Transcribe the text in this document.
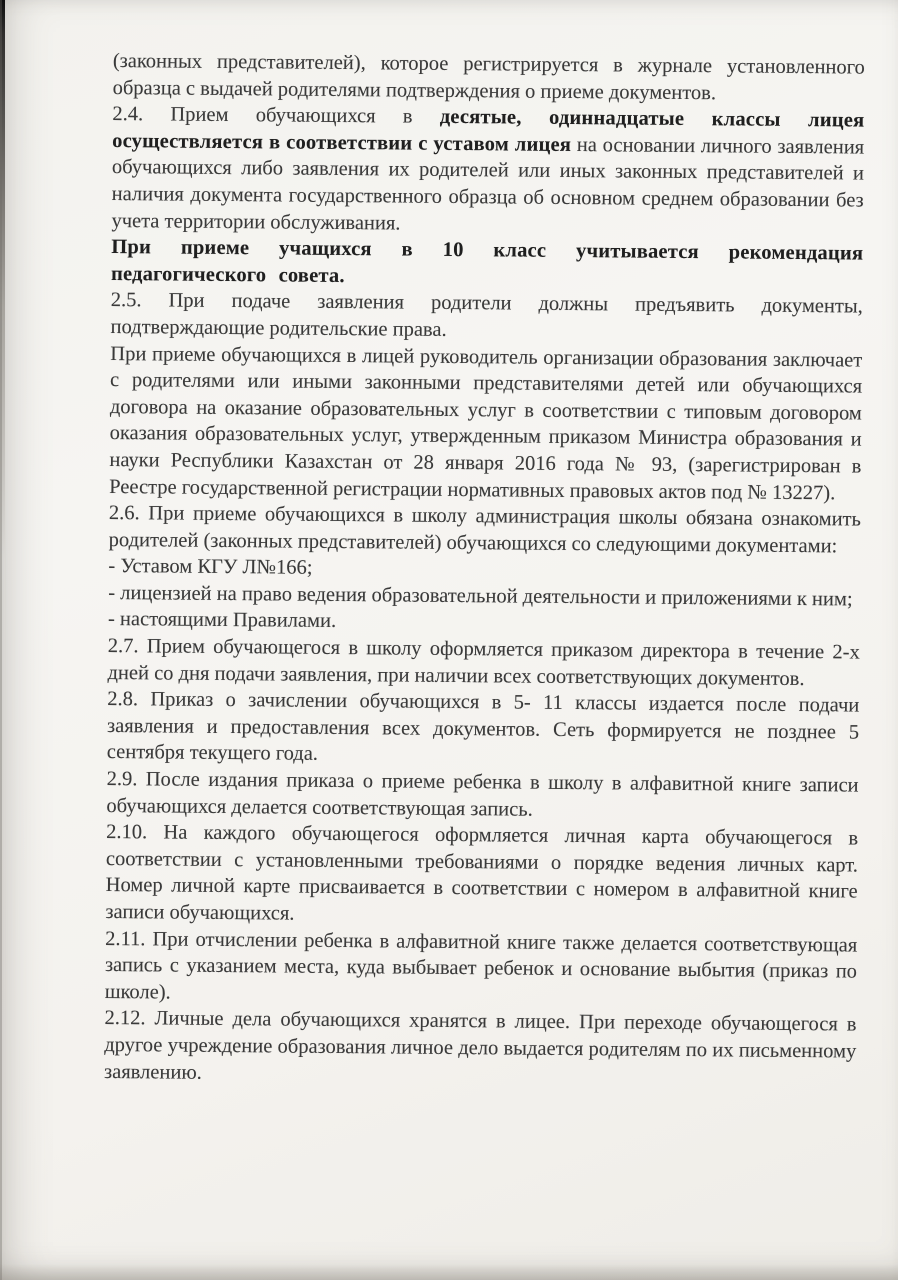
(законных представителей), которое регистрируется в журнале установленного образца с выдачей родителями подтверждения о приеме документов.

2.4. Прием обучающихся в десятые, одиннадцатые классы лицея осуществляется в соответствии с уставом лицея на основании личного заявления обучающихся либо заявления их родителей или иных законных представителей и наличия документа государственного образца об основном среднем образовании без учета территории обслуживания.

При приеме учащихся в 10 класс учитывается рекомендация педагогического совета.

2.5. При подаче заявления родители должны предъявить документы, подтверждающие родительские права.

При приеме обучающихся в лицей руководитель организации образования заключает с родителями или иными законными представителями детей или обучающихся договора на оказание образовательных услуг в соответствии с типовым договором оказания образовательных услуг, утвержденным приказом Министра образования и науки Республики Казахстан от 28 января 2016 года № 93, (зарегистрирован в Реестре государственной регистрации нормативных правовых актов под № 13227).

2.6. При приеме обучающихся в школу администрация школы обязана ознакомить родителей (законных представителей) обучающихся со следующими документами:

- Уставом КГУ Л№166;

- лицензией на право ведения образовательной деятельности и приложениями к ним;

- настоящими Правилами.

2.7. Прием обучающегося в школу оформляется приказом директора в течение 2-х дней со дня подачи заявления, при наличии всех соответствующих документов.

2.8. Приказ о зачислении обучающихся в 5- 11 классы издается после подачи заявления и предоставления всех документов. Сеть формируется не позднее 5 сентября текущего года.

2.9. После издания приказа о приеме ребенка в школу в алфавитной книге записи обучающихся делается соответствующая запись.

2.10. На каждого обучающегося оформляется личная карта обучающегося в соответствии с установленными требованиями о порядке ведения личных карт. Номер личной карте присваивается в соответствии с номером в алфавитной книге записи обучающихся.

2.11. При отчислении ребенка в алфавитной книге также делается соответствующая запись с указанием места, куда выбывает ребенок и основание выбытия (приказ по школе).

2.12. Личные дела обучающихся хранятся в лицее. При переходе обучающегося в другое учреждение образования личное дело выдается родителям по их письменному заявлению.
